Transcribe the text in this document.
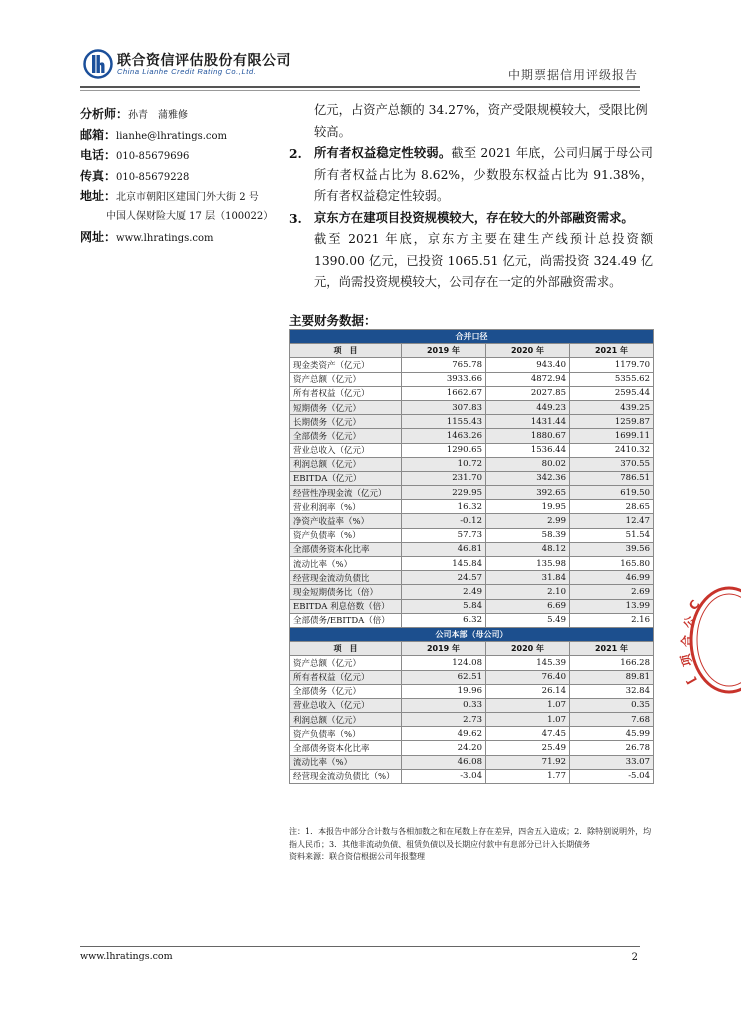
联合资信评估股份有限公司
China Lianhe Credit Rating Co.,Ltd.	中期票据信用评级报告
分析师：孙青　蒲雅修
邮箱：lianhe@lhratings.com
电话：010-85679696
传真：010-85679228
地址：北京市朝阳区建国门外大街 2 号
中国人保财险大厦 17 层（100022）
网址：www.lhratings.com

亿元，占资产总额的 34.27%，资产受限规模较大，受限比例较高。

2. 所有者权益稳定性较弱。截至 2021 年底，公司归属于母公司所有者权益占比为 8.62%，少数股东权益占比为 91.38%，所有者权益稳定性较弱。

3. 京东方在建项目投资规模较大，存在较大的外部融资需求。

截至 2021 年底，京东方主要在建生产线预计总投资额 1390.00 亿元，已投资 1065.51 亿元，尚需投资 324.49 亿元，尚需投资规模较大，公司存在一定的外部融资需求。

主要财务数据：
合并口径			
项　目	2019 年	2020 年	2021 年
现金类资产（亿元）	765.78	943.40	1179.70
资产总额（亿元）	3933.66	4872.94	5355.62
所有者权益（亿元）	1662.67	2027.85	2595.44
短期债务（亿元）	307.83	449.23	439.25
长期债务（亿元）	1155.43	1431.44	1259.87
全部债务（亿元）	1463.26	1880.67	1699.11
营业总收入（亿元）	1290.65	1536.44	2410.32
利润总额（亿元）	10.72	80.02	370.55
EBITDA（亿元）	231.70	342.36	786.51
经营性净现金流（亿元）	229.95	392.65	619.50
营业利润率（%）	16.32	19.95	28.65
净资产收益率（%）	-0.12	2.99	12.47
资产负债率（%）	57.73	58.39	51.54
全部债务资本化比率	46.81	48.12	39.56
流动比率（%）	145.84	135.98	165.80
经营现金流动负债比	24.57	31.84	46.99
现金短期债务比（倍）	2.49	2.10	2.69
EBITDA 利息倍数（倍）	5.84	6.69	13.99
全部债务/EBITDA（倍）	6.32	5.49	2.16
公司本部（母公司）			
项　目	2019 年	2020 年	2021 年
资产总额（亿元）	124.08	145.39	166.28
所有者权益（亿元）	62.51	76.40	89.81
全部债务（亿元）	19.96	26.14	32.84
营业总收入（亿元）	0.33	1.07	0.35
利润总额（亿元）	2.73	1.07	7.68
资产负债率（%）	49.62	47.45	45.99
全部债务资本化比率	24.20	25.49	26.78
流动比率（%）	46.08	71.92	33.07
经营现金流动负债比（%）	-3.04	1.77	-5.04

注：1．本报告中部分合计数与各相加数之和在尾数上存在差异，四舍五入造成；2．除特别说明外，均指人民币；3．其他非流动负债、租赁负债以及长期应付款中有息部分已计入长期债务

资料来源：联合资信根据公司年报整理

C
公
合
项
[
www.lhratings.com	2
